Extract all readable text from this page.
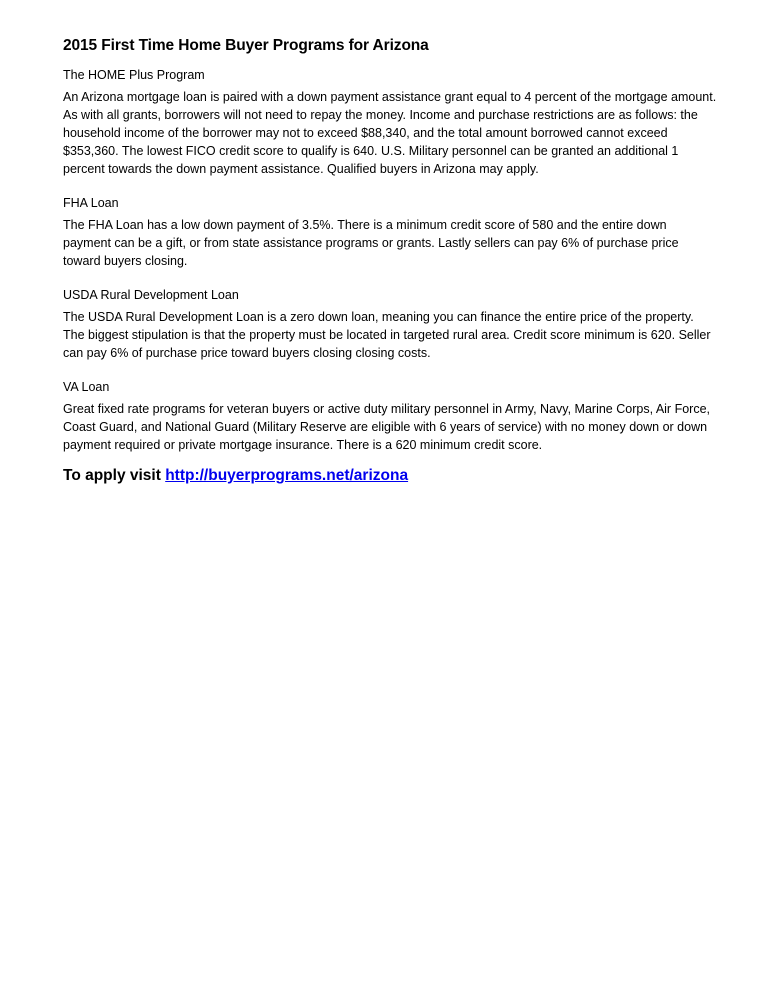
2015 First Time Home Buyer Programs for Arizona
The HOME Plus Program
An Arizona mortgage loan is paired with a down payment assistance grant equal to 4 percent of the mortgage amount. As with all grants, borrowers will not need to repay the money. Income and purchase restrictions are as follows: the household income of the borrower may not to exceed $88,340, and the total amount borrowed cannot exceed $353,360. The lowest FICO credit score to qualify is 640. U.S. Military personnel can be granted an additional 1 percent towards the down payment assistance. Qualified buyers in Arizona may apply.
FHA Loan
The FHA Loan has a low down payment of 3.5%. There is a minimum credit score of 580 and the entire down payment can be a gift, or from state assistance programs or grants. Lastly sellers can pay 6% of purchase price toward buyers closing.
USDA Rural Development Loan
The USDA Rural Development Loan is a zero down loan, meaning you can finance the entire price of the property. The biggest stipulation is that the property must be located in targeted rural area. Credit score minimum is 620. Seller can pay 6% of purchase price toward buyers closing closing costs.
VA Loan
Great fixed rate programs for veteran buyers or active duty military personnel in Army, Navy, Marine Corps, Air Force, Coast Guard, and National Guard (Military Reserve are eligible with 6 years of service) with no money down or down payment required or private mortgage insurance. There is a 620 minimum credit score.
To apply visit http://buyerprograms.net/arizona
